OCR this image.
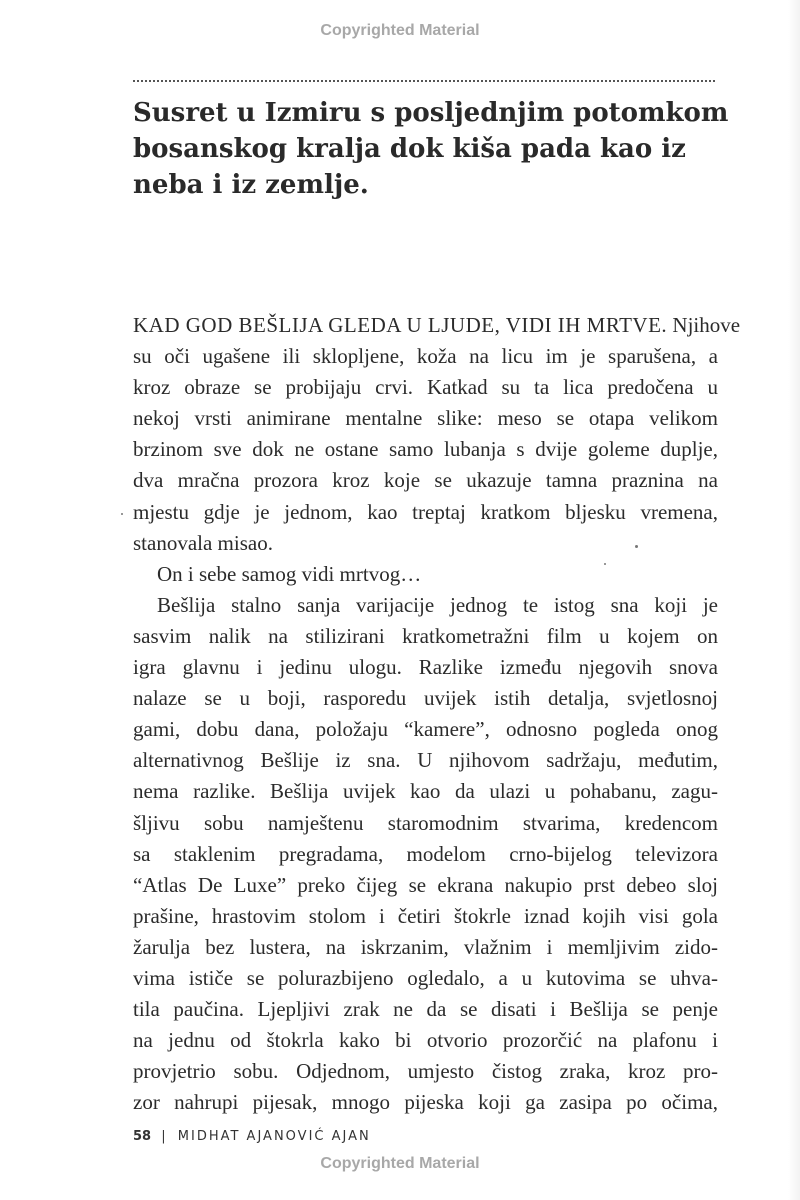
Copyrighted Material
Susret u Izmiru s posljednjim potomkom
bosanskog kralja dok kiša pada kao iz
neba i iz zemlje.
KAD GOD BEŠLIJA GLEDA U LJUDE, VIDI IH MRTVE. Njihove
su oči ugašene ili sklopljene, koža na licu im je sparušena, a
kroz obraze se probijaju crvi. Katkad su ta lica predočena u
nekoj vrsti animirane mentalne slike: meso se otapa velikom
brzinom sve dok ne ostane samo lubanja s dvije goleme duplje,
dva mračna prozora kroz koje se ukazuje tamna praznina na
mjestu gdje je jednom, kao treptaj kratkom bljesku vremena,
stanovala misao.
On i sebe samog vidi mrtvog…
Bešlija stalno sanja varijacije jednog te istog sna koji je
sasvim nalik na stilizirani kratkometražni film u kojem on
igra glavnu i jedinu ulogu. Razlike između njegovih snova
nalaze se u boji, rasporedu uvijek istih detalja, svjetlosnoj
gami, dobu dana, položaju “kamere”, odnosno pogleda onog
alternativnog Bešlije iz sna. U njihovom sadržaju, međutim,
nema razlike. Bešlija uvijek kao da ulazi u pohabanu, zagu-
šljivu sobu namještenu staromodnim stvarima, kredencom
sa staklenim pregradama, modelom crno-bijelog televizora
“Atlas De Luxe” preko čijeg se ekrana nakupio prst debeo sloj
prašine, hrastovim stolom i četiri štokrle iznad kojih visi gola
žarulja bez lustera, na iskrzanim, vlažnim i memljivim zido-
vima ističe se polurazbijeno ogledalo, a u kutovima se uhva-
tila paučina. Ljepljivi zrak ne da se disati i Bešlija se penje
na jednu od štokrla kako bi otvorio prozorčić na plafonu i
provjetrio sobu. Odjednom, umjesto čistog zraka, kroz pro-
zor nahrupi pijesak, mnogo pijeska koji ga zasipa po očima,
58 | MIDHAT AJANOVIĆ AJAN
Copyrighted Material
